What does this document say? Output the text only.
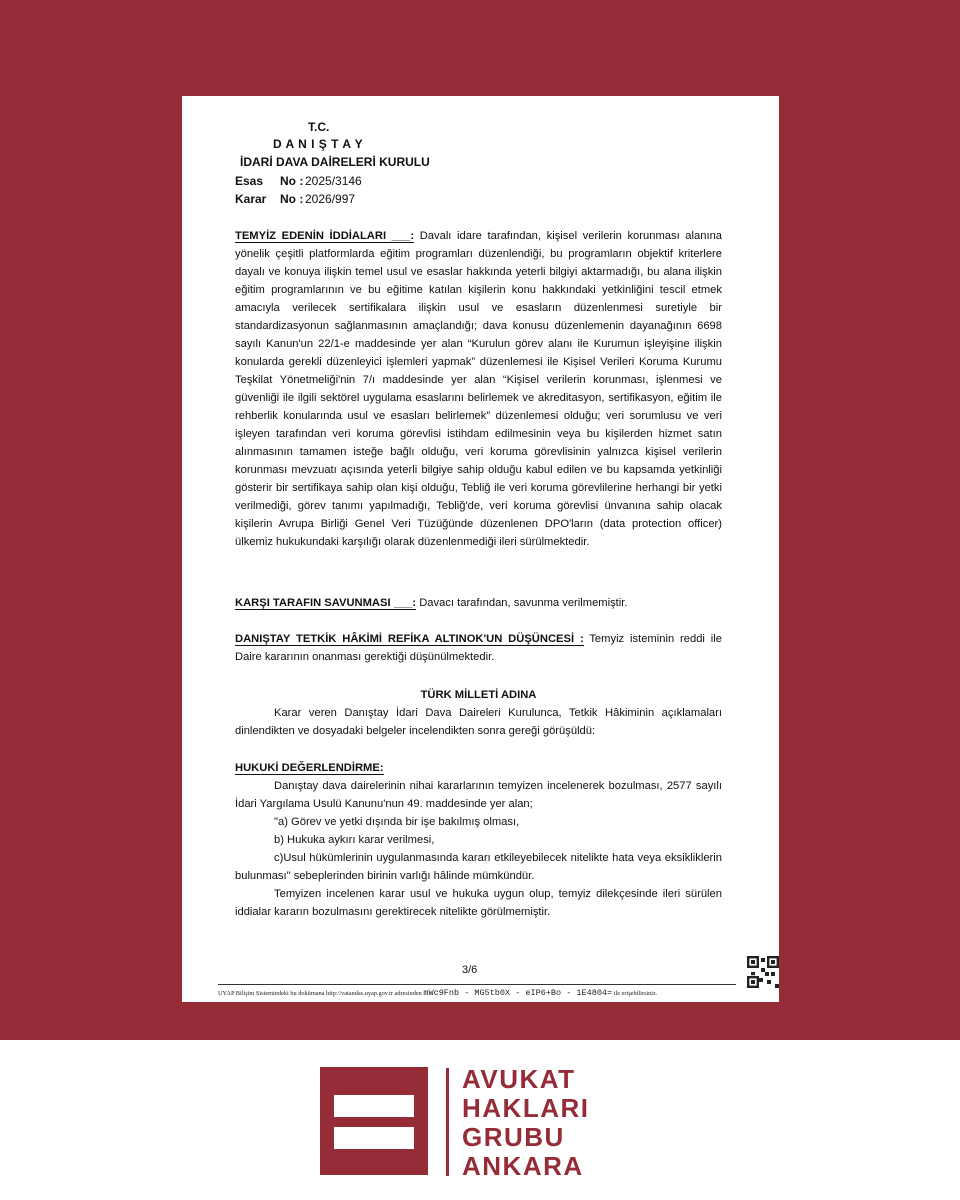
T.C.
D A N I Ş T A Y
İDARİ DAVA DAİRELERİ KURULU
Esas No : 2025/3146
Karar No : 2026/997

TEMYİZ EDENİN İDDİALARI ___: Davalı idare tarafından, kişisel verilerin korunması alanına yönelik çeşitli platformlarda eğitim programları düzenlendiği, bu programların objektif kriterlere dayalı ve konuya ilişkin temel usul ve esaslar hakkında yeterli bilgiyi aktarmadığı, bu alana ilişkin eğitim programlarının ve bu eğitime katılan kişilerin konu hakkındaki yetkinliğini tescil etmek amacıyla verilecek sertifikalara ilişkin usul ve esasların düzenlenmesi suretiyle bir standardizasyonun sağlanmasının amaçlandığı; dava konusu düzenlemenin dayanağının 6698 sayılı Kanun'un 22/1-e maddesinde yer alan “Kurulun görev alanı ile Kurumun işleyişine ilişkin konularda gerekli düzenleyici işlemleri yapmak” düzenlemesi ile Kişisel Verileri Koruma Kurumu Teşkilat Yönetmeliği'nin 7/ı maddesinde yer alan “Kişisel verilerin korunması, işlenmesi ve güvenliği ile ilgili sektörel uygulama esaslarını belirlemek ve akreditasyon, sertifikasyon, eğitim ile rehberlik konularında usul ve esasları belirlemek” düzenlemesi olduğu; veri sorumlusu ve veri işleyen tarafından veri koruma görevlisi istihdam edilmesinin veya bu kişilerden hizmet satın alınmasının tamamen isteğe bağlı olduğu, veri koruma görevlisinin yalnızca kişisel verilerin korunması mevzuatı açısında yeterli bilgiye sahip olduğu kabul edilen ve bu kapsamda yetkinliği gösterir bir sertifikaya sahip olan kişi olduğu, Tebliğ ile veri koruma görevlilerine herhangi bir yetki verilmediği, görev tanımı yapılmadığı, Tebliğ'de, veri koruma görevlisi ünvanına sahip olacak kişilerin Avrupa Birliği Genel Veri Tüzüğünde düzenlenen DPO'ların (data protection officer) ülkemiz hukukundaki karşılığı olarak düzenlenmediği ileri sürülmektedir.

KARŞI TARAFIN SAVUNMASI ___: Davacı tarafından, savunma verilmemiştir.

DANIŞTAY TETKİK HÂKİMİ REFİKA ALTINOK'UN DÜŞÜNCESİ : Temyiz isteminin reddi ile Daire kararının onanması gerektiği düşünülmektedir.

TÜRK MİLLETİ ADINA

Karar veren Danıştay İdari Dava Daireleri Kurulunca, Tetkik Hâkiminin açıklamaları dinlendikten ve dosyadaki belgeler incelendikten sonra gereği görüşüldü:

HUKUKİ DEĞERLENDİRME:

Danıştay dava dairelerinin nihai kararlarının temyizen incelenerek bozulması, 2577 sayılı İdari Yargılama Usulü Kanunu'nun 49. maddesinde yer alan;

"a) Görev ve yetki dışında bir işe bakılmış olması,

b) Hukuka aykırı karar verilmesi,

c)Usul hükümlerinin uygulanmasında kararı etkileyebilecek nitelikte hata veya eksikliklerin bulunması" sebeplerinden birinin varlığı hâlinde mümkündür.

Temyizen incelenen karar usul ve hukuka uygun olup, temyiz dilekçesinde ileri sürülen iddialar kararın bozulmasını gerektirecek nitelikte görülmemiştir.

3/6
UYAP Bilişim Sistemindeki bu dokümana http://vatandas.uyap.gov.tr adresinden mWc9Fnb - MG5tb0X - eIP6+Bo - 1E4804= ile erişebilirsiniz.
AVUKAT
HAKLARI
GRUBU
ANKARA
